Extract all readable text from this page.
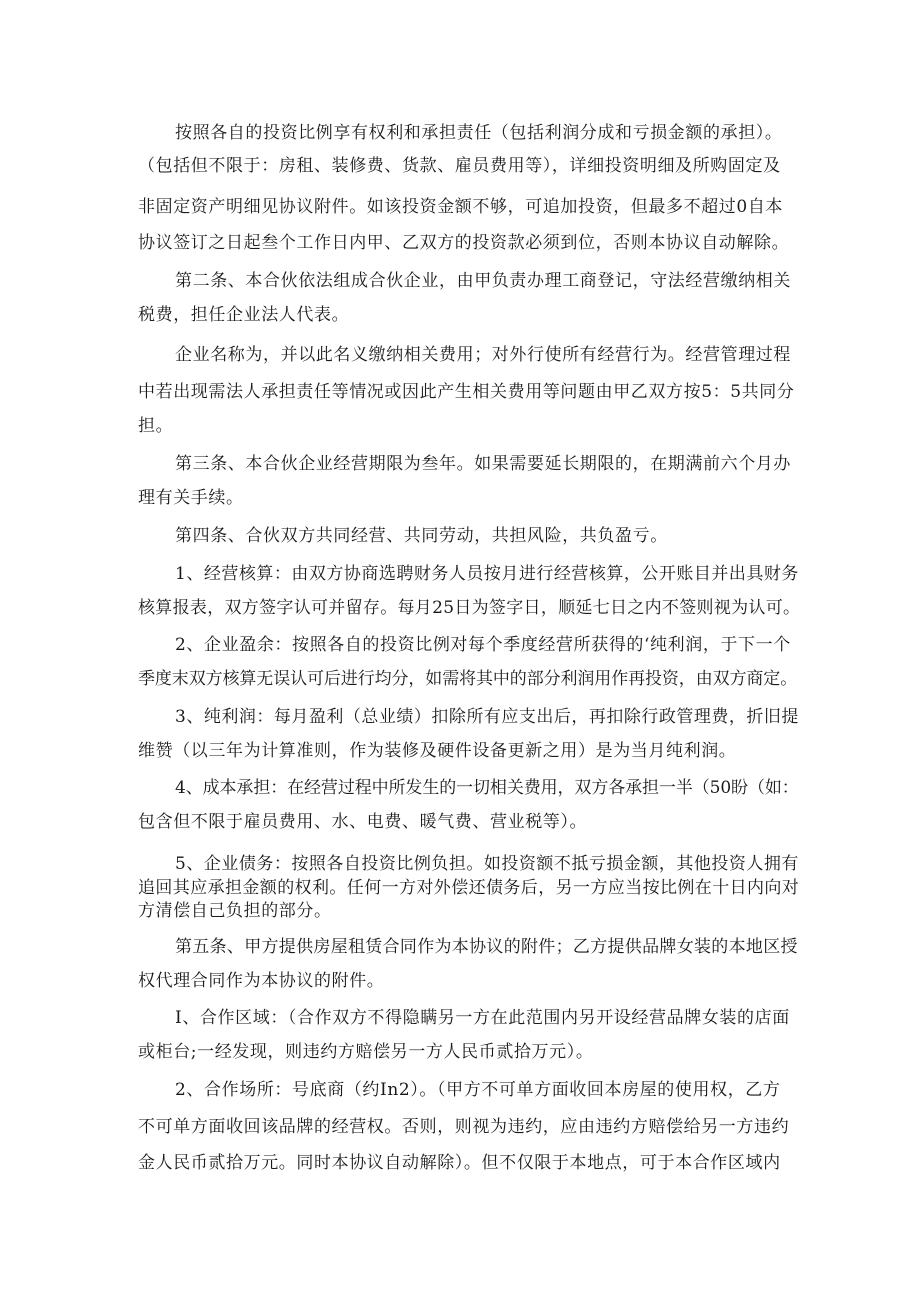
按照各自的投资比例享有权利和承担责任（包括利润分成和亏损金额的承担）。
（包括但不限于：房租、装修费、货款、雇员费用等），详细投资明细及所购固定及
非固定资产明细见协议附件。如该投资金额不够，可追加投资，但最多不超过0自本
协议签订之日起叁个工作日内甲、乙双方的投资款必须到位，否则本协议自动解除。
第二条、本合伙依法组成合伙企业，由甲负责办理工商登记，守法经营缴纳相关
税费，担任企业法人代表。
企业名称为，并以此名义缴纳相关费用；对外行使所有经营行为。经营管理过程
中若出现需法人承担责任等情况或因此产生相关费用等问题由甲乙双方按5：5共同分
担。
第三条、本合伙企业经营期限为叁年。如果需要延长期限的，在期满前六个月办
理有关手续。
第四条、合伙双方共同经营、共同劳动，共担风险，共负盈亏。
1、经营核算：由双方协商选聘财务人员按月进行经营核算，公开账目并出具财务
核算报表，双方签字认可并留存。每月25日为签字日，顺延七日之内不签则视为认可。
2、企业盈余：按照各自的投资比例对每个季度经营所获得的‘纯利润，于下一个
季度末双方核算无误认可后进行均分，如需将其中的部分利润用作再投资，由双方商定。
3、纯利润：每月盈利（总业绩）扣除所有应支出后，再扣除行政管理费，折旧提
维赞（以三年为计算准则，作为装修及硬件设备更新之用）是为当月纯利润。
4、成本承担：在经营过程中所发生的一切相关费用，双方各承担一半（50盼（如：
包含但不限于雇员费用、水、电费、暖气费、营业税等）。
5、企业债务：按照各自投资比例负担。如投资额不抵亏损金额，其他投资人拥有
追回其应承担金额的权利。任何一方对外偿还债务后，另一方应当按比例在十日内向对
方清偿自己负担的部分。
第五条、甲方提供房屋租赁合同作为本协议的附件；乙方提供品牌女装的本地区授
权代理合同作为本协议的附件。
I、合作区域：（合作双方不得隐瞒另一方在此范围内另开设经营品牌女装的店面
或柜台;一经发现，则违约方赔偿另一方人民币贰拾万元）。
2、合作场所：号底商（约In2）。（甲方不可单方面收回本房屋的使用权，乙方
不可单方面收回该品牌的经营权。否则，则视为违约，应由违约方赔偿给另一方违约
金人民币贰拾万元。同时本协议自动解除）。但不仅限于本地点，可于本合作区域内
